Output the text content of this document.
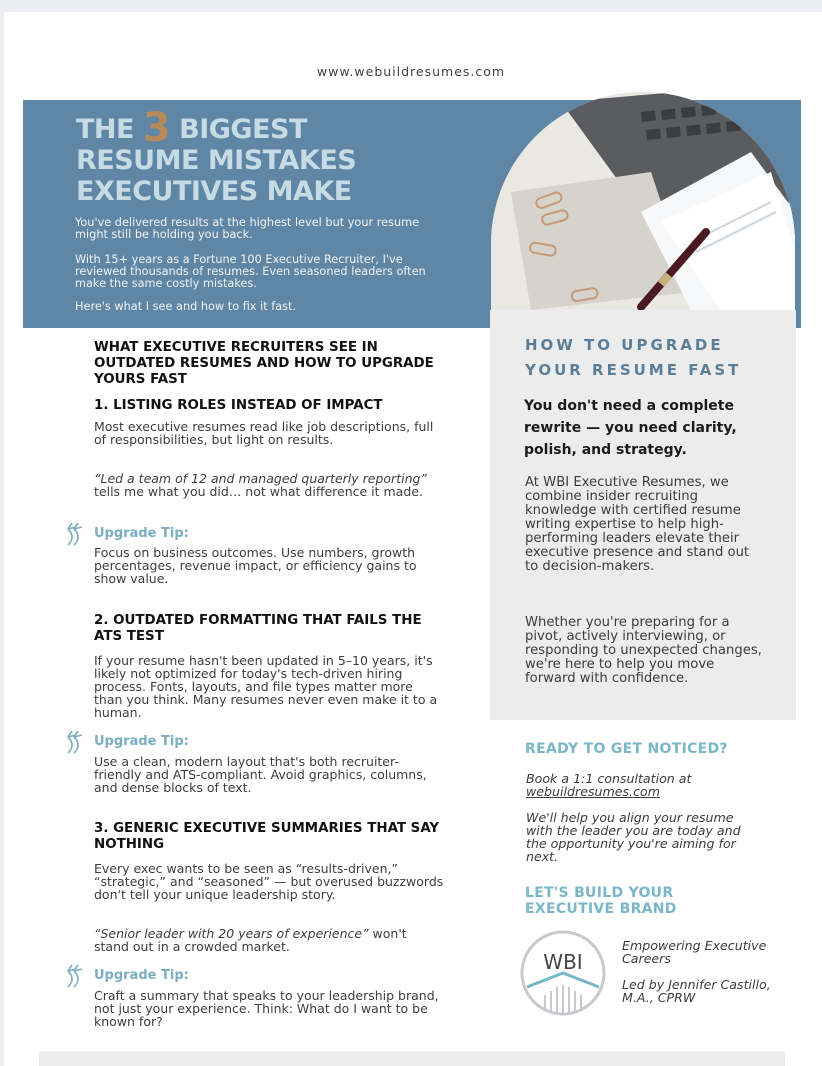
www.webuildresumes.com
THE 3 BIGGEST
RESUME MISTAKES
EXECUTIVES MAKE
You've delivered results at the highest level but your resume might still be holding you back.
With 15+ years as a Fortune 100 Executive Recruiter, I've reviewed thousands of resumes. Even seasoned leaders often make the same costly mistakes.
Here's what I see and how to fix it fast.
HOW TO UPGRADE
YOUR RESUME FAST
You don't need a complete rewrite — you need clarity, polish, and strategy.
At WBI Executive Resumes, we combine insider recruiting knowledge with certified resume writing expertise to help high-performing leaders elevate their executive presence and stand out to decision-makers.
Whether you're preparing for a pivot, actively interviewing, or responding to unexpected changes, we're here to help you move forward with confidence.
WHAT EXECUTIVE RECRUITERS SEE IN OUTDATED RESUMES AND HOW TO UPGRADE YOURS FAST
1. LISTING ROLES INSTEAD OF IMPACT
Most executive resumes read like job descriptions, full of responsibilities, but light on results.
“Led a team of 12 and managed quarterly reporting” tells me what you did… not what difference it made.
Upgrade Tip:
Focus on business outcomes. Use numbers, growth percentages, revenue impact, or efficiency gains to show value.
2. OUTDATED FORMATTING THAT FAILS THE ATS TEST
If your resume hasn't been updated in 5–10 years, it's likely not optimized for today's tech-driven hiring process. Fonts, layouts, and file types matter more than you think. Many resumes never even make it to a human.
Upgrade Tip:
Use a clean, modern layout that's both recruiter-friendly and ATS-compliant. Avoid graphics, columns, and dense blocks of text.
3. GENERIC EXECUTIVE SUMMARIES THAT SAY NOTHING
Every exec wants to be seen as “results-driven,” “strategic,” and “seasoned” — but overused buzzwords don't tell your unique leadership story.
“Senior leader with 20 years of experience” won't stand out in a crowded market.
Upgrade Tip:
Craft a summary that speaks to your leadership brand, not just your experience. Think: What do I want to be known for?
READY TO GET NOTICED?
Book a 1:1 consultation at
webuildresumes.com
We'll help you align your resume with the leader you are today and the opportunity you're aiming for next.
LET'S BUILD YOUR
EXECUTIVE BRAND
WBI
Empowering Executive Careers
Led by Jennifer Castillo, M.A., CPRW
